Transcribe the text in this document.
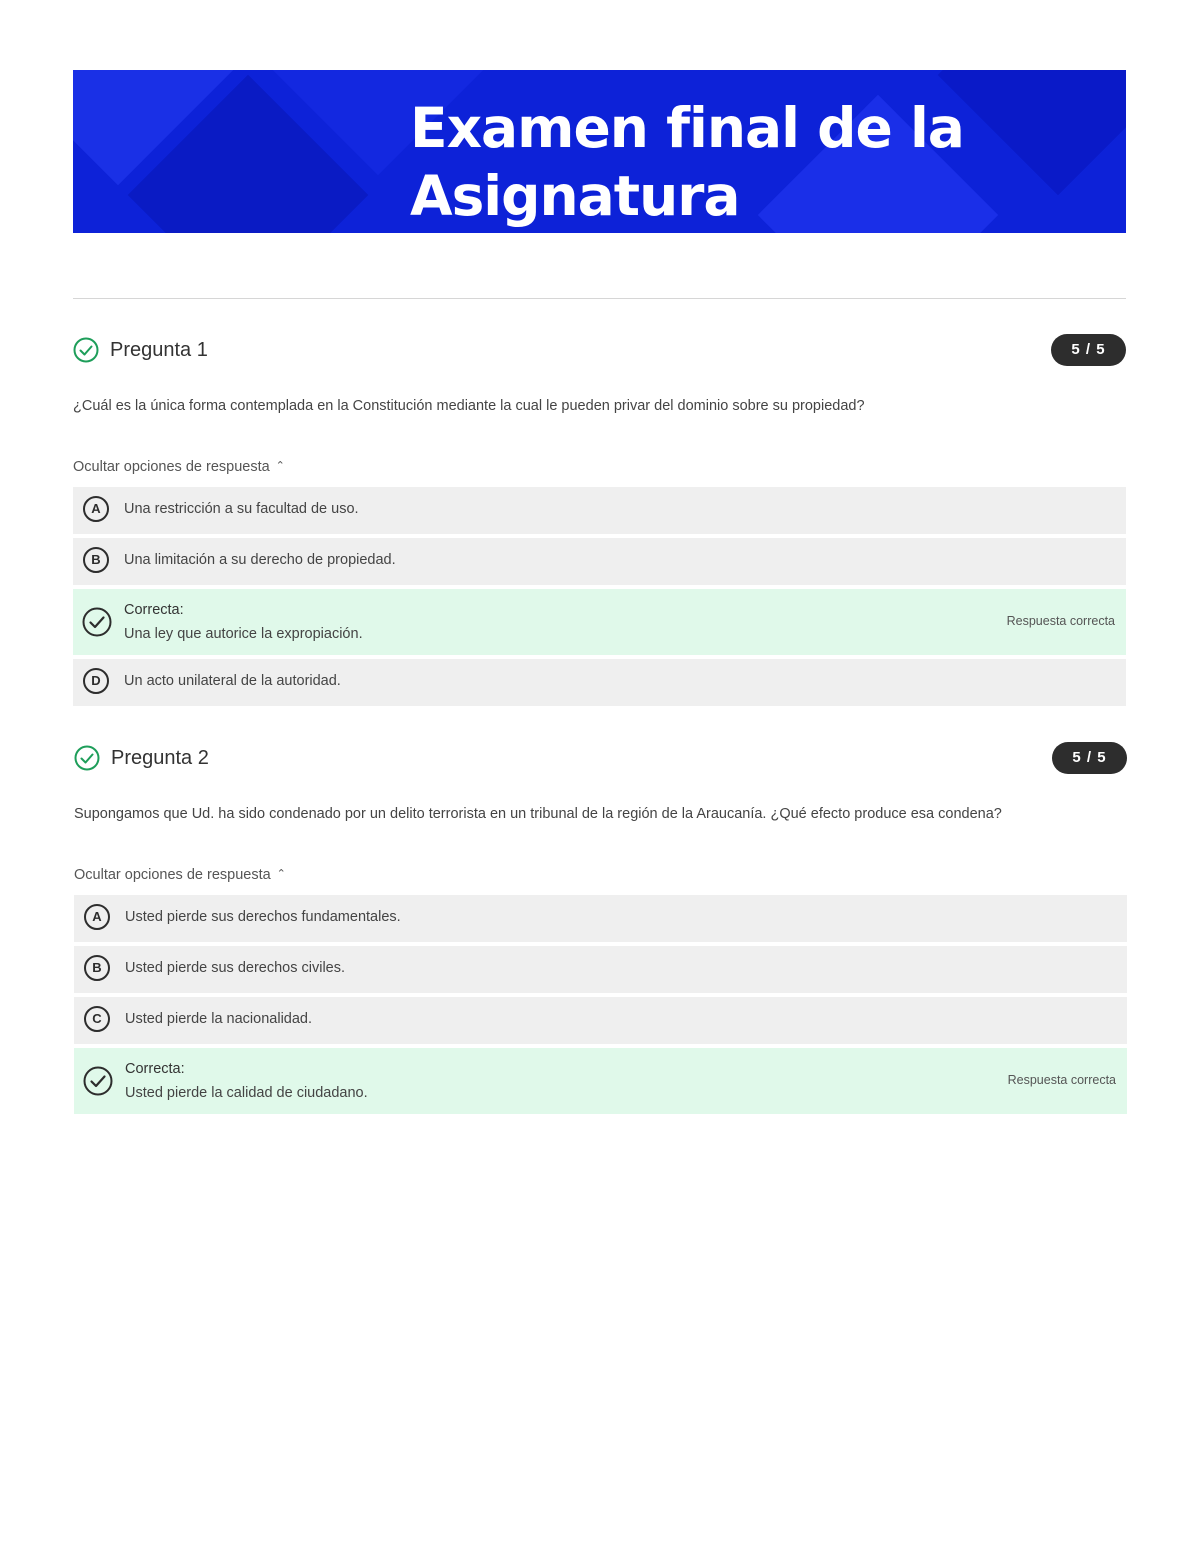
Examen final de la
Asignatura
Pregunta 1	5 / 5
¿Cuál es la única forma contemplada en la Constitución mediante la cual le pueden privar del dominio sobre su propiedad?
Ocultar opciones de respuesta ⌃
A	Una restricción a su facultad de uso.
B	Una limitación a su derecho de propiedad.
Correcta:
Una ley que autorice la expropiación.
Respuesta correcta
D	Un acto unilateral de la autoridad.
Pregunta 2	5 / 5
Supongamos que Ud. ha sido condenado por un delito terrorista en un tribunal de la región de la Araucanía. ¿Qué efecto produce esa condena?
Ocultar opciones de respuesta ⌃
A	Usted pierde sus derechos fundamentales.
B	Usted pierde sus derechos civiles.
C	Usted pierde la nacionalidad.
Correcta:
Usted pierde la calidad de ciudadano.
Respuesta correcta
